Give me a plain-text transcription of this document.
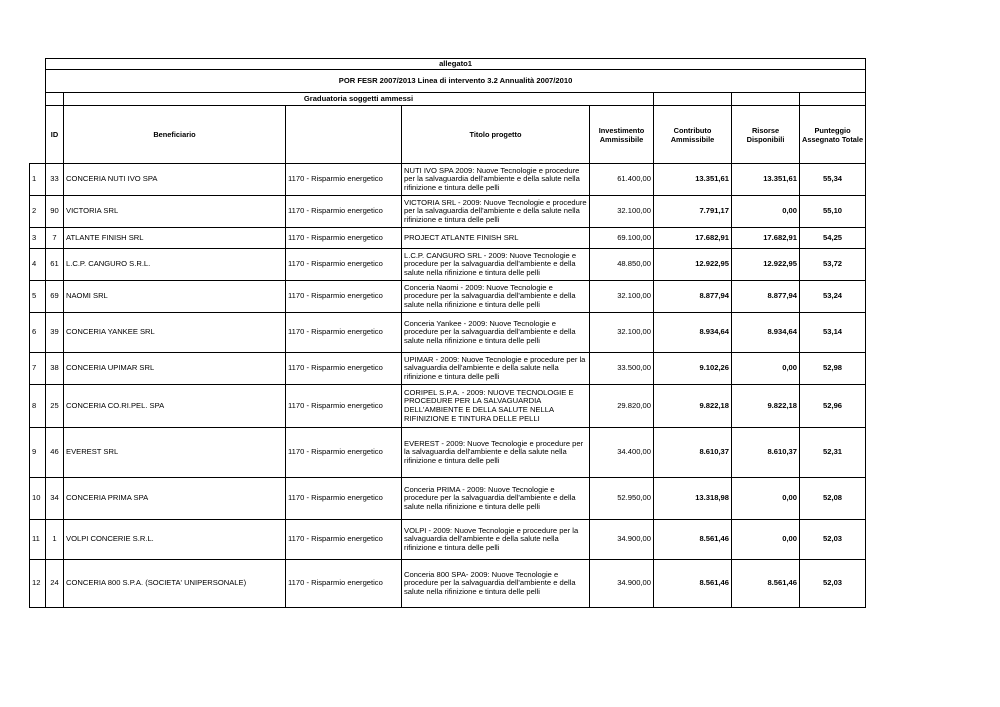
	allegato1							
	POR FESR 2007/2013 Linea di intervento 3.2 Annualità 2007/2010							
		Graduatoria soggetti ammessi						
	ID	Beneficiario		Titolo progetto	Investimento Ammissibile	Contributo Ammissibile	Risorse Disponibili	Punteggio Assegnato Totale
1	33	CONCERIA NUTI IVO SPA	1170 - Risparmio energetico	NUTI IVO SPA 2009: Nuove Tecnologie e procedure per la salvaguardia dell'ambiente e della salute nella rifinizione e tintura delle pelli	61.400,00	13.351,61	13.351,61	55,34
2	90	VICTORIA SRL	1170 - Risparmio energetico	VICTORIA SRL - 2009: Nuove Tecnologie e procedure per la salvaguardia dell'ambiente e della salute nella rifinizione e tintura delle pelli	32.100,00	7.791,17	0,00	55,10
3	7	ATLANTE FINISH SRL	1170 - Risparmio energetico	PROJECT ATLANTE FINISH SRL	69.100,00	17.682,91	17.682,91	54,25
4	61	L.C.P. CANGURO S.R.L.	1170 - Risparmio energetico	L.C.P. CANGURO SRL - 2009: Nuove Tecnologie e procedure per la salvaguardia dell'ambiente e della salute nella rifinizione e tintura delle pelli	48.850,00	12.922,95	12.922,95	53,72
5	69	NAOMI SRL	1170 - Risparmio energetico	Conceria Naomi - 2009: Nuove Tecnologie e procedure per la salvaguardia dell'ambiente e della salute nella rifinizione e tintura delle pelli	32.100,00	8.877,94	8.877,94	53,24
6	39	CONCERIA YANKEE SRL	1170 - Risparmio energetico	Conceria Yankee - 2009: Nuove Tecnologie e procedure per la salvaguardia dell'ambiente e della salute nella rifinizione e tintura delle pelli	32.100,00	8.934,64	8.934,64	53,14
7	38	CONCERIA UPIMAR SRL	1170 - Risparmio energetico	UPIMAR - 2009: Nuove Tecnologie e procedure per la salvaguardia dell'ambiente e della salute nella rifinizione e tintura delle pelli	33.500,00	9.102,26	0,00	52,98
8	25	CONCERIA CO.RI.PEL. SPA	1170 - Risparmio energetico	CORIPEL S.P.A. - 2009: NUOVE TECNOLOGIE E PROCEDURE PER LA SALVAGUARDIA DELL'AMBIENTE E DELLA SALUTE NELLA RIFINIZIONE E TINTURA DELLE PELLI	29.820,00	9.822,18	9.822,18	52,96
9	46	EVEREST SRL	1170 - Risparmio energetico	EVEREST - 2009: Nuove Tecnologie e procedure per la salvaguardia dell'ambiente e della salute nella rifinizione e tintura delle pelli	34.400,00	8.610,37	8.610,37	52,31
10	34	CONCERIA PRIMA SPA	1170 - Risparmio energetico	Conceria PRIMA - 2009: Nuove Tecnologie e procedure per la salvaguardia dell'ambiente e della salute nella rifinizione e tintura delle pelli	52.950,00	13.318,98	0,00	52,08
11	1	VOLPI CONCERIE S.R.L.	1170 - Risparmio energetico	VOLPI - 2009: Nuove Tecnologie e procedure per la salvaguardia dell'ambiente e della salute nella rifinizione e tintura delle pelli	34.900,00	8.561,46	0,00	52,03
12	24	CONCERIA 800 S.P.A. (SOCIETA' UNIPERSONALE)	1170 - Risparmio energetico	Conceria 800 SPA- 2009: Nuove Tecnologie e procedure per la salvaguardia dell'ambiente e della salute nella rifinizione e tintura delle pelli	34.900,00	8.561,46	8.561,46	52,03
